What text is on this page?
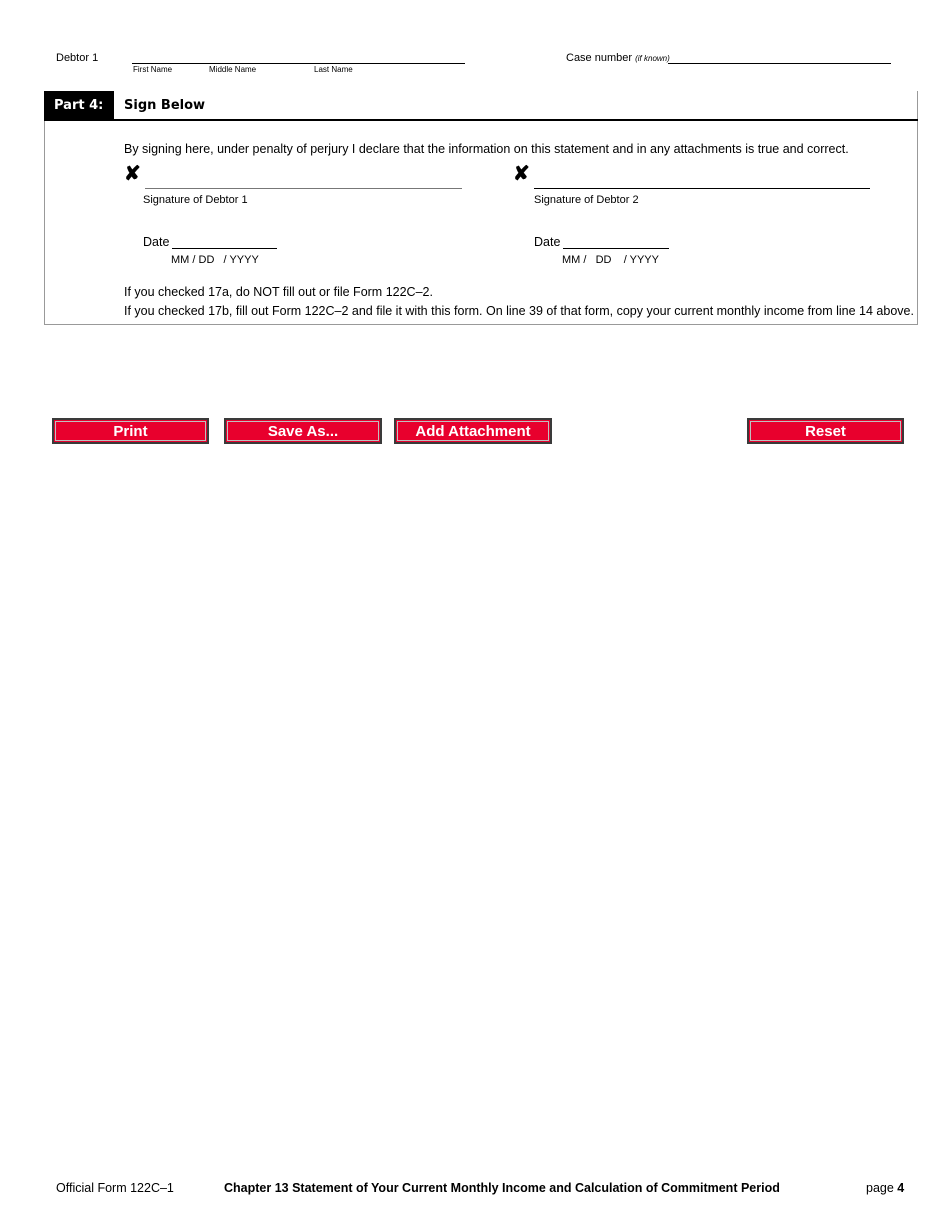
Debtor 1
First Name	Middle Name	Last Name
Case number (if known)
Part 4:	Sign Below
By signing here, under penalty of perjury I declare that the information on this statement and in any attachments is true and correct.
✘
Signature of Debtor 1
✘
Signature of Debtor 2
Date
MM / DD   / YYYY
Date
MM /   DD    / YYYY
If you checked 17a, do NOT fill out or file Form 122C–2.
If you checked 17b, fill out Form 122C–2 and file it with this form. On line 39 of that form, copy your current monthly income from line 14 above.
Print	Save As...	Add Attachment	Reset
Official Form 122C–1	Chapter 13 Statement of Your Current Monthly Income and Calculation of Commitment Period	page 4
